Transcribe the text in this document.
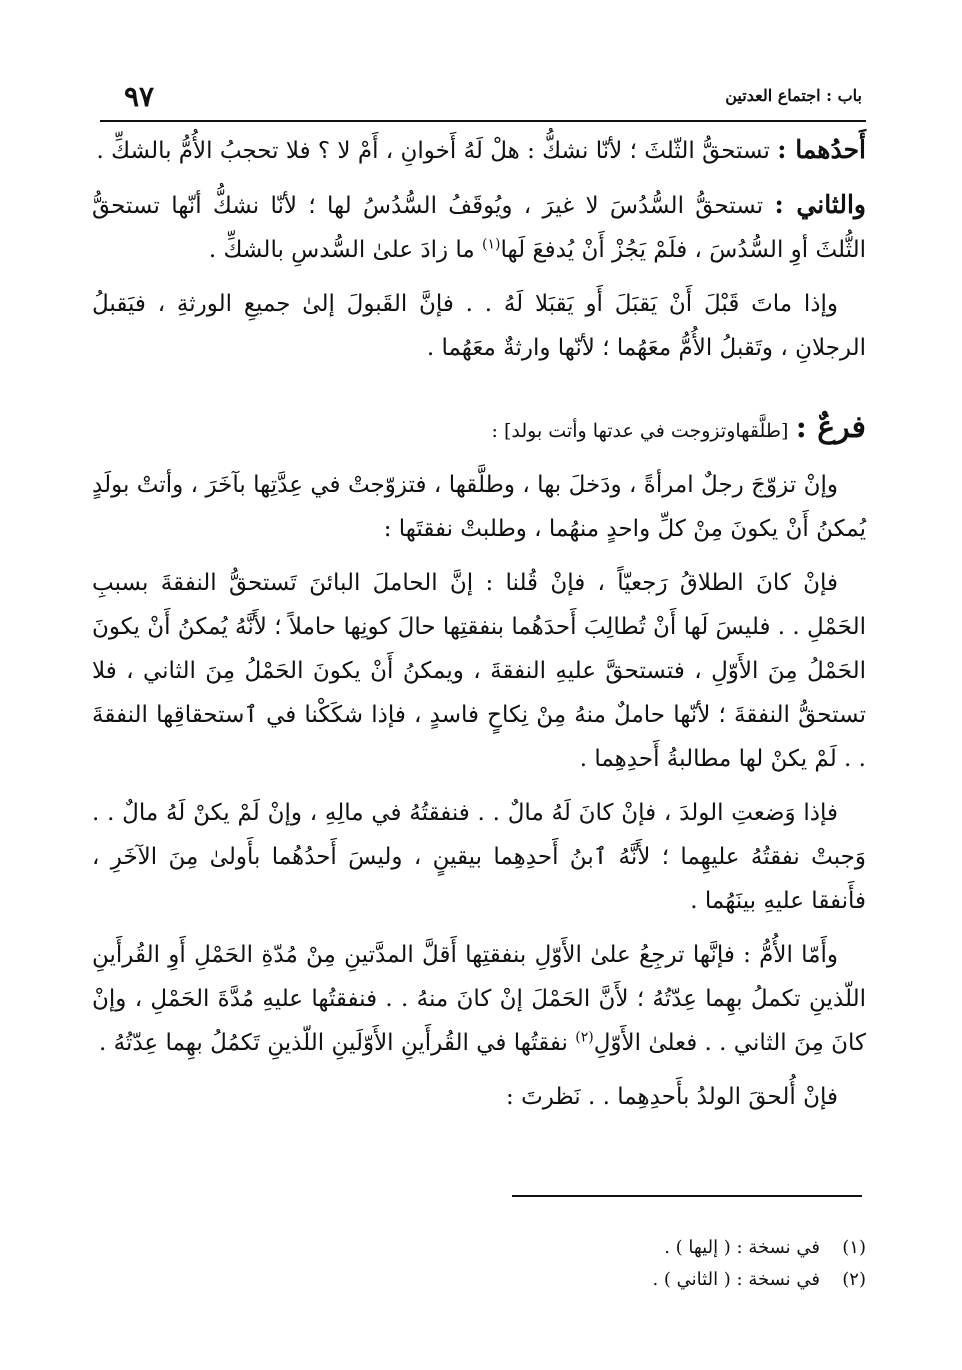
باب : اجتماع العدتين
٩٧

أَحدُهما : تستحقُّ الثّلثَ ؛ لأنّا نشكُّ : هلْ لَهُ أَخوانِ ، أَمْ لا ؟ فلا تحجبُ الأُمُّ بالشكِّ .

والثاني : تستحقُّ السُّدُسَ لا غيرَ ، ويُوقَفُ السُّدُسُ لها ؛ لأنّا نشكُّ أنّها تستحقُّ الثُّلثَ أوِ السُّدُسَ ، فلَمْ يَجُزْ أَنْ يُدفعَ لَها$^{(١)}$ ما زادَ علىٰ السُّدسِ بالشكِّ .

وإذا ماتَ قَبْلَ أَنْ يَقبَلَ أَو يَقبَلا لَهُ . . فإنَّ القَبولَ إلىٰ جميعِ الورثةِ ، فيَقبلُ الرجلانِ ، وتَقبلُ الأُمُّ معَهُما ؛ لأنّها وارثةٌ معَهُما .

فرعٌ : [طلَّقهاوتزوجت في عدتها وأتت بولد] :

وإنْ تزوّجَ رجلٌ امرأةً ، ودَخلَ بها ، وطلَّقها ، فتزوّجتْ في عِدَّتِها بآخَرَ ، وأتتْ بولَدٍ يُمكنُ أَنْ يكونَ مِنْ كلِّ واحدٍ منهُما ، وطلبتْ نفقتَها :

فإنْ كانَ الطلاقُ رَجعيّاً ، فإنْ قُلنا : إنَّ الحاملَ البائنَ تَستحقُّ النفقةَ بسببِ الحَمْلِ . . فليسَ لَها أَنْ تُطالِبَ أَحدَهُما بنفقتِها حالَ كونِها حاملاً ؛ لأَنَّهُ يُمكنُ أَنْ يكونَ الحَمْلُ مِنَ الأَوّلِ ، فتستحقَّ عليهِ النفقةَ ، ويمكنُ أَنْ يكونَ الحَمْلُ مِنَ الثاني ، فلا تستحقُّ النفقةَ ؛ لأنّها حاملٌ منهُ مِنْ نِكاحٍ فاسدٍ ، فإذا شكَكْنا في ٱستحقاقِها النفقةَ . . لَمْ يكنْ لها مطالبةُ أَحدِهِما .

فإذا وَضعتِ الولدَ ، فإنْ كانَ لَهُ مالٌ . . فنفقتُهُ في مالِهِ ، وإنْ لَمْ يكنْ لَهُ مالٌ . . وَجبتْ نفقتُهُ عليهِما ؛ لأَنَّهُ ٱبنُ أَحدِهِما بيقينٍ ، وليسَ أَحدُهُما بأَولىٰ مِنَ الآخَرِ ، فأَنفقا عليهِ بينَهُما .

وأَمّا الأُمُّ : فإنَّها ترجِعُ علىٰ الأَوّلِ بنفقتِها أَقلَّ المدَّتينِ مِنْ مُدّةِ الحَمْلِ أَوِ القُرأَينِ اللّذينِ تكملُ بهِما عِدّتُهُ ؛ لأَنَّ الحَمْلَ إنْ كانَ منهُ . . فنفقتُها عليهِ مُدَّةَ الحَمْلِ ، وإنْ كانَ مِنَ الثاني . . فعلىٰ الأَوّلِ$^{(٢)}$ نفقتُها في القُرأَينِ الأَوّلَينِ اللّذينِ تَكمُلُ بهِما عِدّتُهُ .

فإنْ أُلحقَ الولدُ بأَحدِهِما . . نَظرتَ :

(١)في نسخة : ( إليها ) .
(٢)في نسخة : ( الثاني ) .
